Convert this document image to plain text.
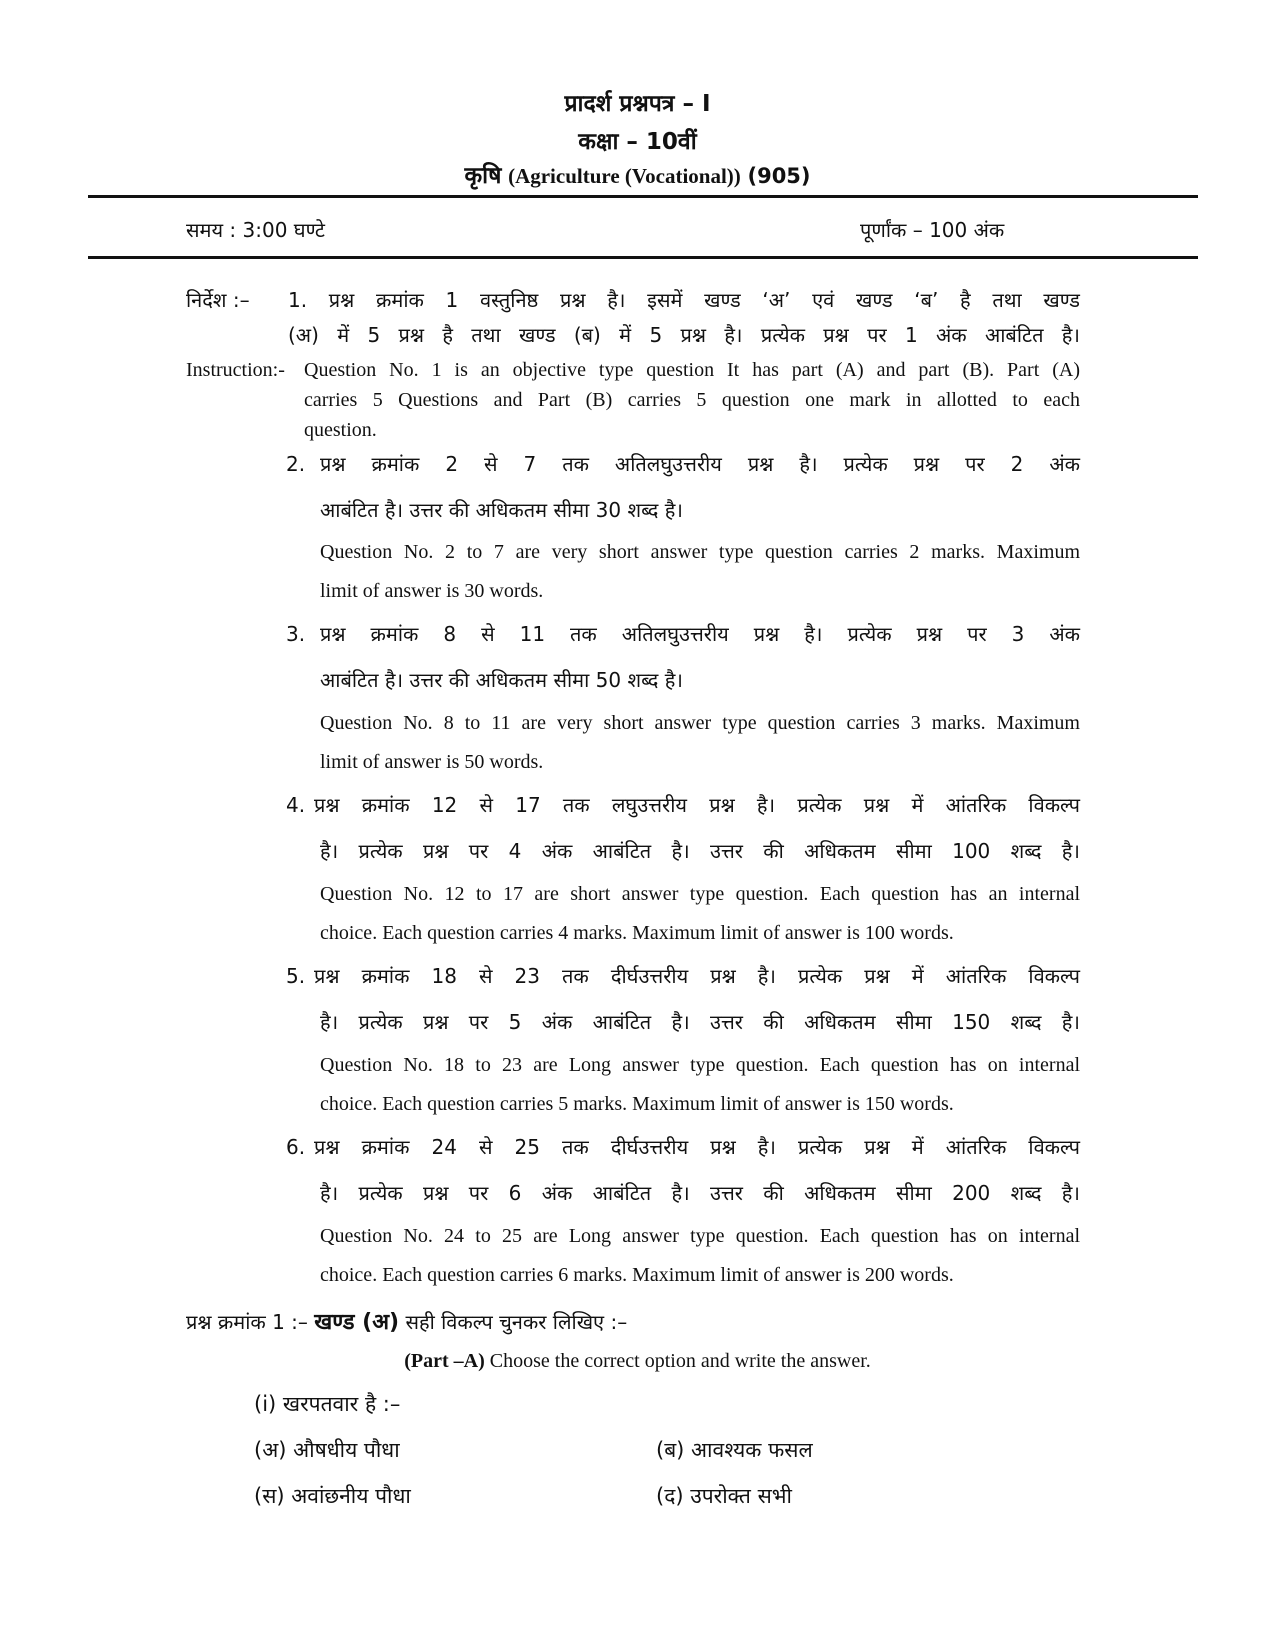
प्रादर्श प्रश्नपत्र – I
कक्षा – 10वीं
कृषि (Agriculture (Vocational)) (905)
समय : 3:00 घण्टे	पूर्णांक – 100 अंक
निर्देश :– 1. प्रश्न क्रमांक 1 वस्तुनिष्ठ प्रश्न है। इसमें खण्ड ‘अ’ एवं खण्ड ‘ब’ है तथा खण्ड
(अ) में 5 प्रश्न है तथा खण्ड (ब) में 5 प्रश्न है। प्रत्येक प्रश्न पर 1 अंक आबंटित है।
Instruction:- Question No. 1 is an objective type question It has part (A) and part (B). Part (A)
carries 5 Questions and Part (B) carries 5 question one mark in allotted to each
question.
2. प्रश्न क्रमांक 2 से 7 तक अतिलघुउत्तरीय प्रश्न है। प्रत्येक प्रश्न पर 2 अंक
आबंटित है। उत्तर की अधिकतम सीमा 30 शब्द है।
Question No. 2 to 7 are very short answer type question carries 2 marks. Maximum
limit of answer is 30 words.
3. प्रश्न क्रमांक 8 से 11 तक अतिलघुउत्तरीय प्रश्न है। प्रत्येक प्रश्न पर 3 अंक
आबंटित है। उत्तर की अधिकतम सीमा 50 शब्द है।
Question No. 8 to 11 are very short answer type question carries 3 marks. Maximum
limit of answer is 50 words.
4. प्रश्न क्रमांक 12 से 17 तक लघुउत्तरीय प्रश्न है। प्रत्येक प्रश्न में आंतरिक विकल्प
है। प्रत्येक प्रश्न पर 4 अंक आबंटित है। उत्तर की अधिकतम सीमा 100 शब्द है।
Question No. 12 to 17 are short answer type question. Each question has an internal
choice. Each question carries 4 marks. Maximum limit of answer is 100 words.
5. प्रश्न क्रमांक 18 से 23 तक दीर्घउत्तरीय प्रश्न है। प्रत्येक प्रश्न में आंतरिक विकल्प
है। प्रत्येक प्रश्न पर 5 अंक आबंटित है। उत्तर की अधिकतम सीमा 150 शब्द है।
Question No. 18 to 23 are Long answer type question. Each question has on internal
choice. Each question carries 5 marks. Maximum limit of answer is 150 words.
6. प्रश्न क्रमांक 24 से 25 तक दीर्घउत्तरीय प्रश्न है। प्रत्येक प्रश्न में आंतरिक विकल्प
है। प्रत्येक प्रश्न पर 6 अंक आबंटित है। उत्तर की अधिकतम सीमा 200 शब्द है।
Question No. 24 to 25 are Long answer type question. Each question has on internal
choice. Each question carries 6 marks. Maximum limit of answer is 200 words.
प्रश्न क्रमांक 1 :– खण्ड (अ) सही विकल्प चुनकर लिखिए :–
(Part –A) Choose the correct option and write the answer.
(i) खरपतवार है :–
(अ) औषधीय पौधा	(ब) आवश्यक फसल
(स) अवांछनीय पौधा	(द) उपरोक्त सभी
